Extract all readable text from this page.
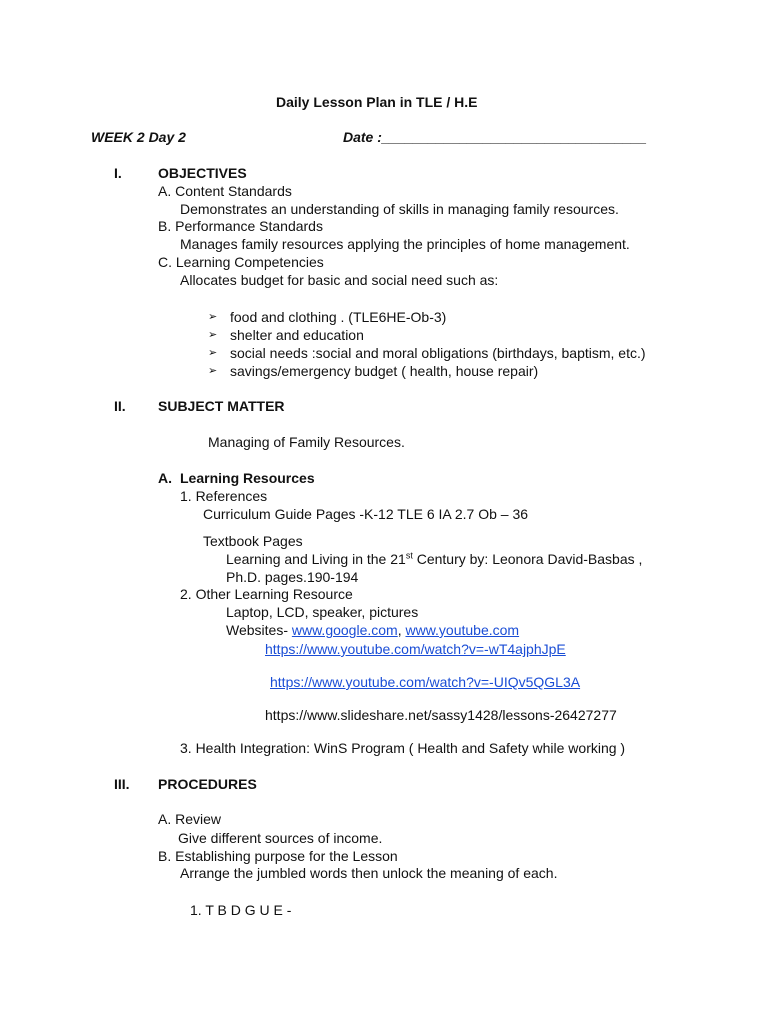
Daily Lesson Plan in TLE / H.E
WEEK 2 Day 2	Date :__________________________________
I.	OBJECTIVES
A. Content Standards
Demonstrates an understanding of skills in managing family resources.
B. Performance Standards
Manages family resources applying the principles of home management.
C. Learning Competencies
Allocates budget for basic and social need such as:
➢ food and clothing . (TLE6HE-Ob-3)
➢ shelter and education
➢ social needs :social and moral obligations (birthdays, baptism, etc.)
➢ savings/emergency budget ( health, house repair)
II. SUBJECT MATTER
Managing of Family Resources.
A. Learning Resources
1. References
Curriculum Guide Pages -K-12 TLE 6 IA 2.7 Ob – 36
Textbook Pages
Learning and Living in the 21st Century by: Leonora David-Basbas ,
Ph.D. pages.190-194
2. Other Learning Resource
Laptop, LCD, speaker, pictures
Websites- www.google.com, www.youtube.com
https://www.youtube.com/watch?v=-wT4ajphJpE
https://www.youtube.com/watch?v=-UIQv5QGL3A
https://www.slideshare.net/sassy1428/lessons-26427277
3. Health Integration: WinS Program ( Health and Safety while working )
III. PROCEDURES
A. Review
Give different sources of income.
B. Establishing purpose for the Lesson
Arrange the jumbled words then unlock the meaning of each.
1. T B D G U E -
